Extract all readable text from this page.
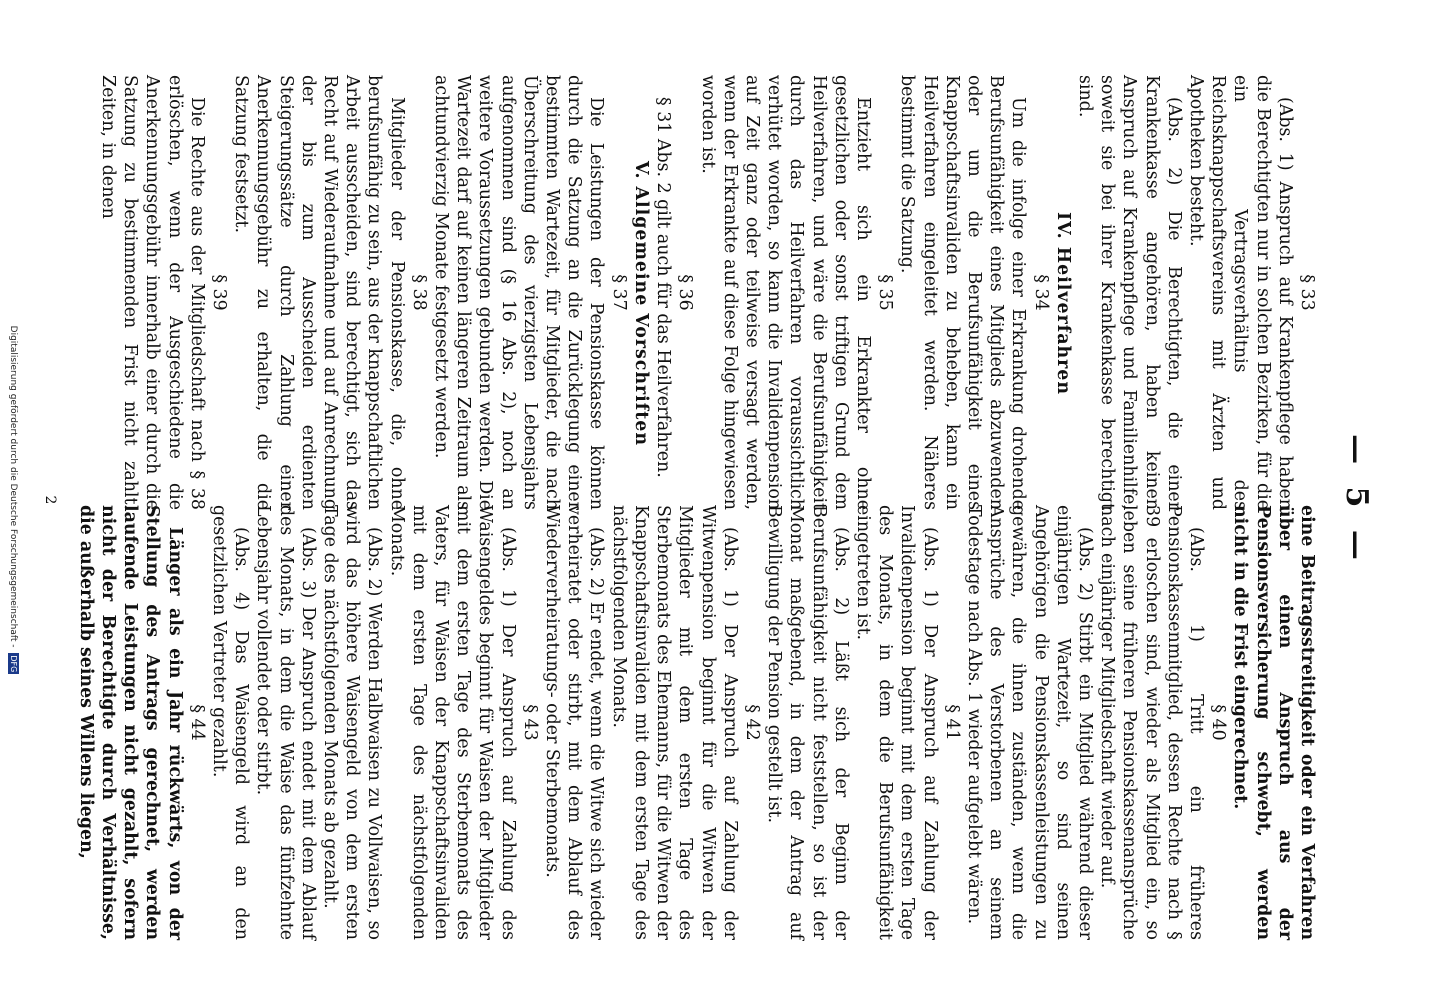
— 5 —

§ 33

(Abs. 1) Anspruch auf Krankenpflege haben die Berechtigten nur in solchen Bezirken, für die ein Vertragsverhältnis des Reichsknappschaftsvereins mit Ärzten und Apotheken besteht.

(Abs. 2) Die Berechtigten, die einer Krankenkasse angehören, haben keinen Anspruch auf Krankenpflege und Familienhilfe, soweit sie bei ihrer Krankenkasse berechtigt sind.

IV. Heilverfahren

§ 34

Um die infolge einer Erkrankung drohende Berufsunfähigkeit eines Mitglieds abzuwenden oder um die Berufsunfähigkeit eines Knappschaftsinvaliden zu beheben, kann ein Heilverfahren eingeleitet werden. Näheres bestimmt die Satzung.

§ 35

Entzieht sich ein Erkrankter ohne gesetzlichen oder sonst triftigen Grund dem Heilverfahren, und wäre die Berufsunfähigkeit durch das Heilverfahren voraussichtlich verhütet worden, so kann die Invalidenpension auf Zeit ganz oder teilweise versagt werden, wenn der Erkrankte auf diese Folge hingewiesen worden ist.

§ 36

§ 31 Abs. 2 gilt auch für das Heilverfahren.

V. Allgemeine Vorschriften

§ 37

Die Leistungen der Pensionskasse können durch die Satzung an die Zurücklegung einer bestimmten Wartezeit, für Mitglieder, die nach Überschreitung des vierzigsten Lebensjahrs aufgenommen sind (§ 16 Abs. 2), noch an weitere Voraussetzungen gebunden werden. Die Wartezeit darf auf keinen längeren Zeitraum als achtundvierzig Monate festgesetzt werden.

§ 38

Mitglieder der Pensionskasse, die, ohne berufsunfähig zu sein, aus der knappschaftlichen Arbeit ausscheiden, sind berechtigt, sich das Recht auf Wiederaufnahme und auf Anrechnung der bis zum Ausscheiden erdienten Steigerungssätze durch Zahlung einer Anerkennungsgebühr zu erhalten, die die Satzung festsetzt.

§ 39

Die Rechte aus der Mitgliedschaft nach § 38 erlöschen, wenn der Ausgeschiedene die Anerkennungsgebühr innerhalb einer durch die Satzung zu bestimmenden Frist nicht zahlt. Zeiten, in denen

eine Beitragsstreitigkeit oder ein Verfahren über einen Anspruch aus der Pensionsversicherung schwebt, werden nicht in die Frist eingerechnet.

§ 40

(Abs. 1) Tritt ein früheres Pensionskassenmitglied, dessen Rechte nach § 39 erloschen sind, wieder als Mitglied ein, so leben seine früheren Pensionskassenansprüche nach einjähriger Mitgliedschaft wieder auf.

(Abs. 2) Stirbt ein Mitglied während dieser einjährigen Wartezeit, so sind seinen Angehörigen die Pensionskassenleistungen zu gewähren, die ihnen zuständen, wenn die Ansprüche des Verstorbenen an seinem Todestage nach Abs. 1 wieder aufgelebt wären.

§ 41

(Abs. 1) Der Anspruch auf Zahlung der Invalidenpension beginnt mit dem ersten Tage des Monats, in dem die Berufsunfähigkeit eingetreten ist.

(Abs. 2) Läßt sich der Beginn der Berufsunfähigkeit nicht feststellen, so ist der Monat maßgebend, in dem der Antrag auf Bewilligung der Pension gestellt ist.

§ 42

(Abs. 1) Der Anspruch auf Zahlung der Witwenpension beginnt für die Witwen der Mitglieder mit dem ersten Tage des Sterbemonats des Ehemanns, für die Witwen der Knappschaftsinvaliden mit dem ersten Tage des nächstfolgenden Monats.

(Abs. 2) Er endet, wenn die Witwe sich wieder verheiratet oder stirbt, mit dem Ablauf des Wiederverheiratungs- oder Sterbemonats.

§ 43

(Abs. 1) Der Anspruch auf Zahlung des Waisengeldes beginnt für Waisen der Mitglieder mit dem ersten Tage des Sterbemonats des Vaters, für Waisen der Knappschaftsinvaliden mit dem ersten Tage des nächstfolgenden Monats.

(Abs. 2) Werden Halbwaisen zu Vollwaisen, so wird das höhere Waisengeld von dem ersten Tage des nächstfolgenden Monats ab gezahlt.

(Abs. 3) Der Anspruch endet mit dem Ablauf des Monats, in dem die Waise das fünfzehnte Lebensjahr vollendet oder stirbt.

(Abs. 4) Das Waisengeld wird an den gesetzlichen Vertreter gezahlt.

§ 44

Länger als ein Jahr rückwärts, von der Stellung des Antrags gerechnet, werden laufende Leistungen nicht gezahlt, sofern nicht der Berechtigte durch Verhältnisse, die außerhalb seines Willens liegen,

2
Digitalisierung gefördert durch die Deutsche Forschungsgemeinschaft - DFG
